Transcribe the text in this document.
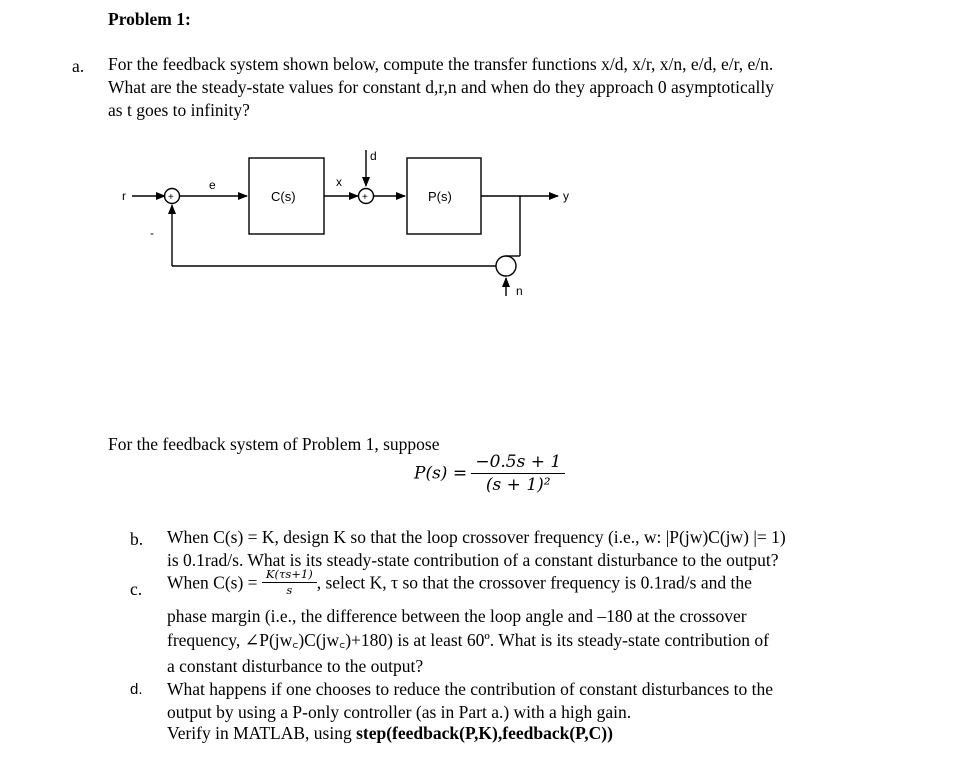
Problem 1:
a. For the feedback system shown below, compute the transfer functions x/d, x/r, x/n, e/d, e/r, e/n.
What are the steady-state values for constant d,r,n and when do they approach 0 asymptotically
as t goes to infinity?
r	+
-
e
C(s)
x
d
+	P(s)	y
n
For the feedback system of Problem 1, suppose
$P(s) = \frac{-0.5s + 1}{\text{(s + 1)²}}$
b. When C(s) = K, design K so that the loop crossover frequency (i.e., w: |P(jw)C(jw) |= 1)
is 0.1rad/s. What is its steady-state contribution of a constant disturbance to the output?
c. When $C(s) = \frac{K(\tau s+1)}{s}$ , select K, τ so that the crossover frequency is 0.1rad/s and the
phase margin (i.e., the difference between the loop angle and –180 at the crossover
frequency, ∠P(jw꜀)C(jw꜀)+180) is at least 60º. What is its steady-state contribution of
a constant disturbance to the output?
d. What happens if one chooses to reduce the contribution of constant disturbances to the
output by using a P-only controller (as in Part a.) with a high gain.
Verify in MATLAB, using step(feedback(P,K),feedback(P,C))
